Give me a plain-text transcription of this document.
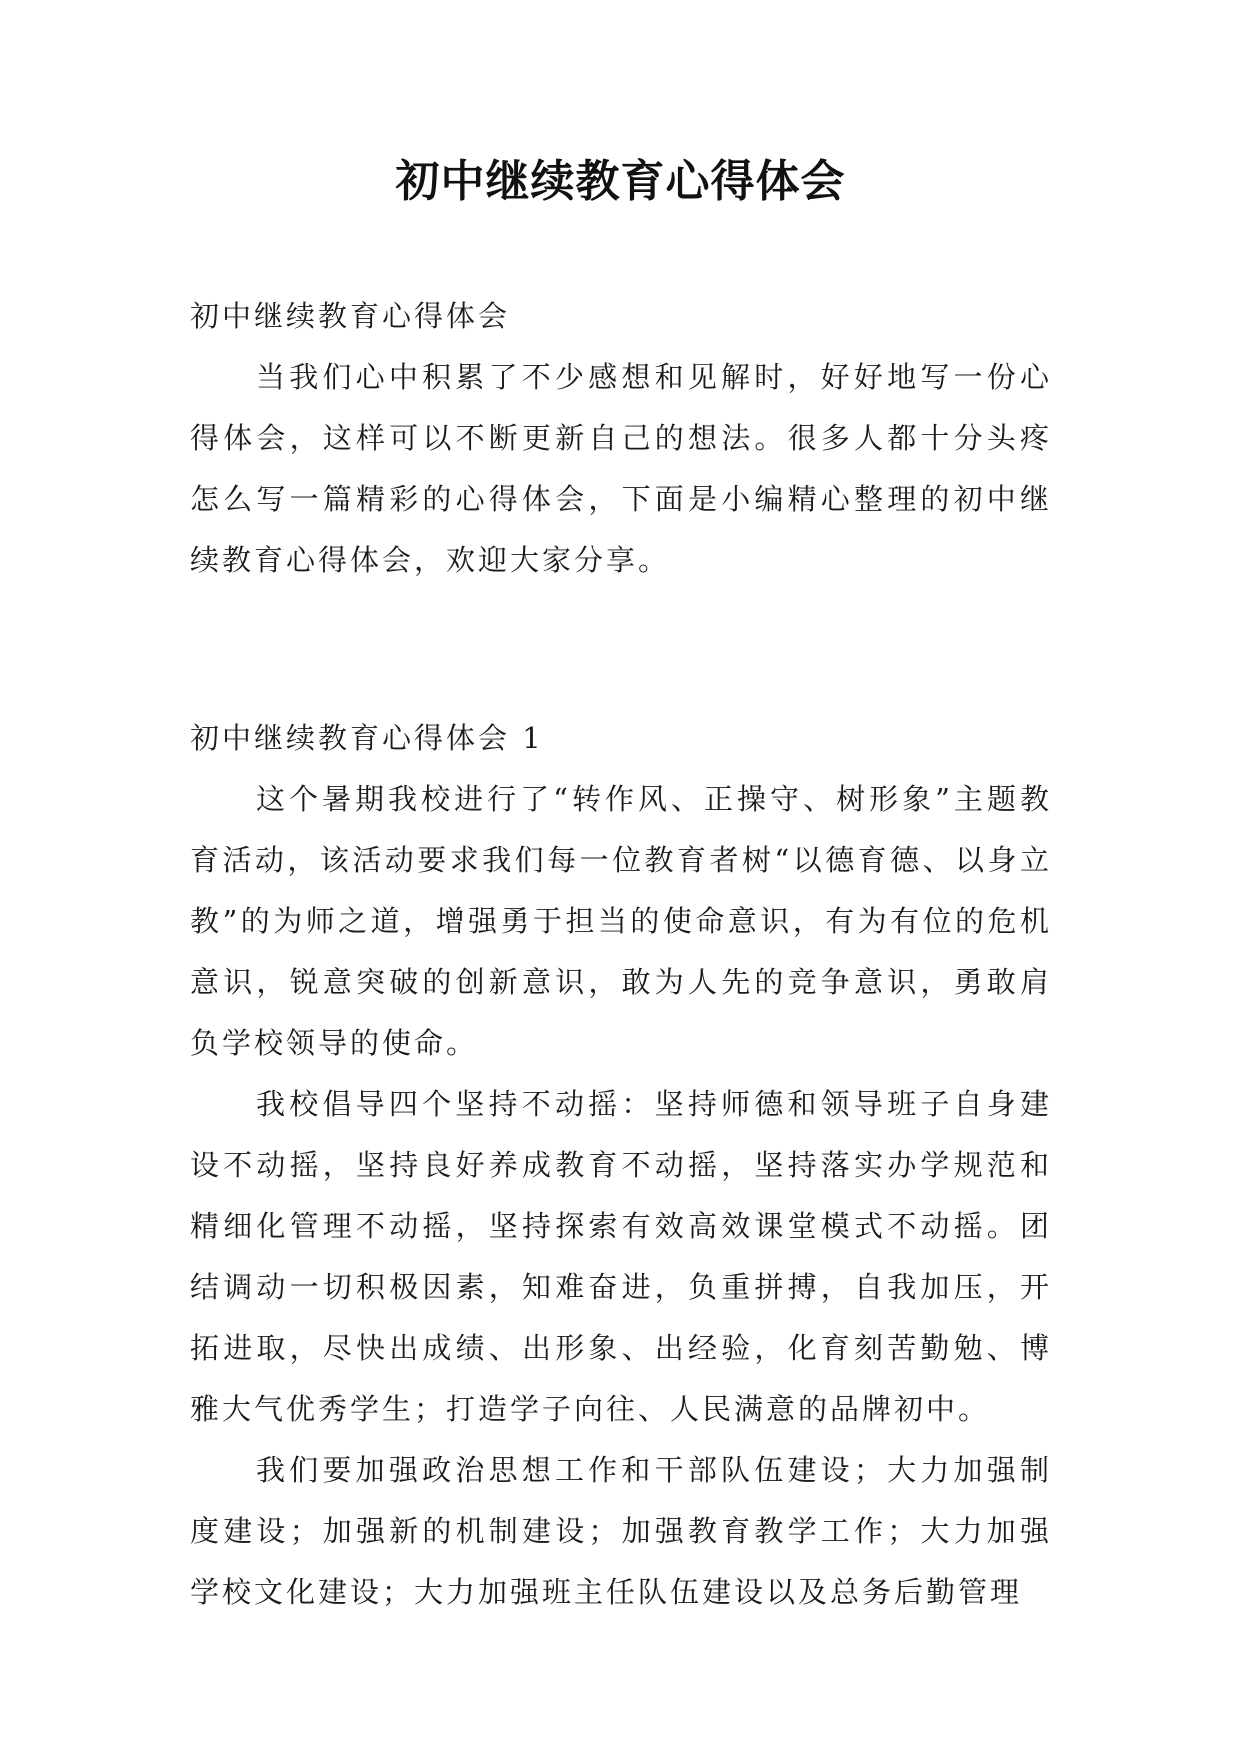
初中继续教育心得体会

初中继续教育心得体会

当我们心中积累了不少感想和见解时，好好地写一份心得体会，这样可以不断更新自己的想法。很多人都十分头疼怎么写一篇精彩的心得体会，下面是小编精心整理的初中继续教育心得体会，欢迎大家分享。

初中继续教育心得体会 1

这个暑期我校进行了“转作风、正操守、树形象”主题教育活动，该活动要求我们每一位教育者树“以德育德、以身立教”的为师之道，增强勇于担当的使命意识，有为有位的危机意识，锐意突破的创新意识，敢为人先的竞争意识，勇敢肩负学校领导的使命。

我校倡导四个坚持不动摇：坚持师德和领导班子自身建设不动摇，坚持良好养成教育不动摇，坚持落实办学规范和精细化管理不动摇，坚持探索有效高效课堂模式不动摇。团结调动一切积极因素，知难奋进，负重拼搏，自我加压，开拓进取，尽快出成绩、出形象、出经验，化育刻苦勤勉、博雅大气优秀学生；打造学子向往、人民满意的品牌初中。

我们要加强政治思想工作和干部队伍建设；大力加强制度建设；加强新的机制建设；加强教育教学工作；大力加强学校文化建设；大力加强班主任队伍建设以及总务后勤管理
